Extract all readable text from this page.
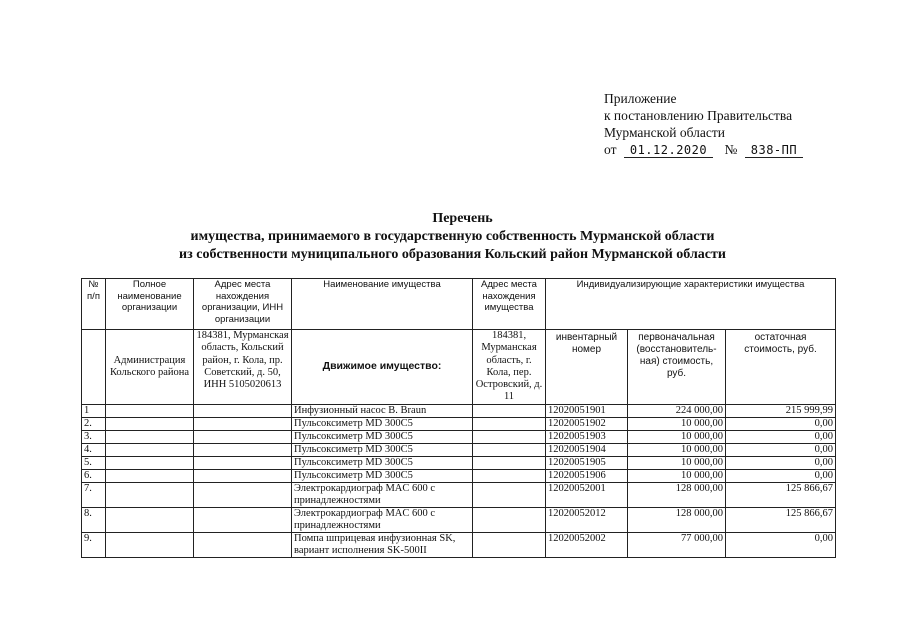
Приложение
к постановлению Правительства
Мурманской области
от 01.12.2020 № 838-ПП
Перечень
имущества, принимаемого в государственную собственность Мурманской области
из собственности муниципального образования Кольский район Мурманской области
№ п/п	Полное наименование организации	Адрес места нахождения организации, ИНН организации	Наименование имущества	Адрес места нахождения имущества	Индивидуализирующие характеристики имущества		
	Администрация Кольского района	184381, Мурманская область, Кольский район, г. Кола, пр. Советский, д. 50, ИНН 5105020613	Движимое имущество:	184381, Мурманская область, г. Кола, пер. Островский, д. 11	инвентарный номер	первоначальная (восстановитель-ная) стоимость, руб.	остаточная стоимость, руб.
1			Инфузионный насос B. Braun		12020051901	224 000,00	215 999,99
2.			Пульсоксиметр MD 300C5		12020051902	10 000,00	0,00
3.			Пульсоксиметр MD 300C5		12020051903	10 000,00	0,00
4.			Пульсоксиметр MD 300C5		12020051904	10 000,00	0,00
5.			Пульсоксиметр MD 300C5		12020051905	10 000,00	0,00
6.			Пульсоксиметр MD 300C5		12020051906	10 000,00	0,00
7.			Электрокардиограф MAC 600 с принадлежностями		12020052001	128 000,00	125 866,67
8.			Электрокардиограф MAC 600 с принадлежностями		12020052012	128 000,00	125 866,67
9.			Помпа шприцевая инфузионная SK, вариант исполнения SK-500II		12020052002	77 000,00	0,00
